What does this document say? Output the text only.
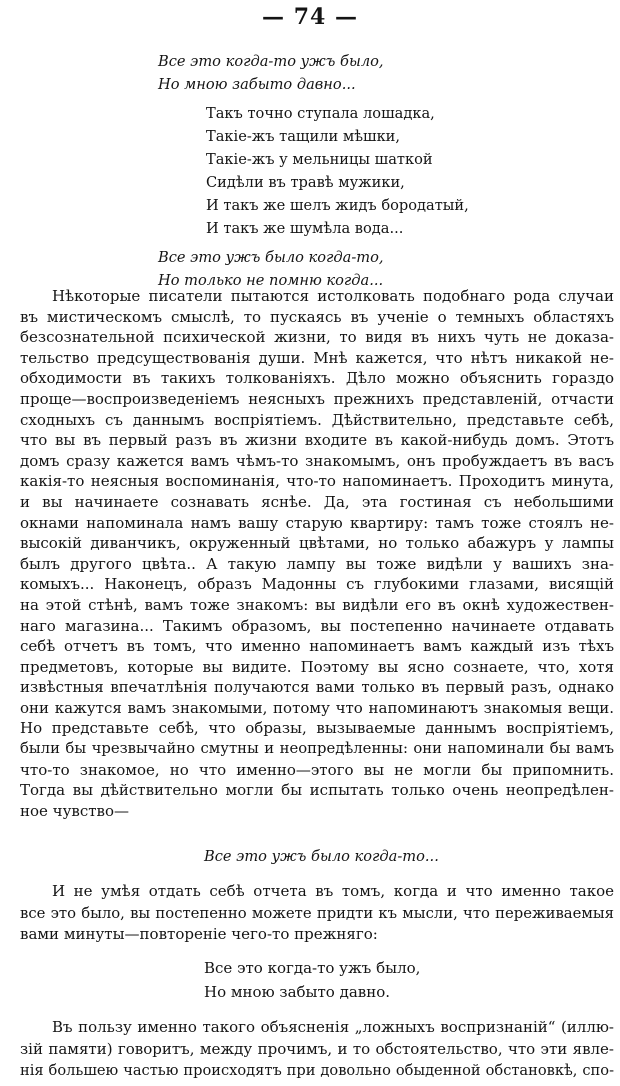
— 74 —
Все это когда-то ужъ было,
Но мною забыто давно...
Такъ точно ступала лошадка,
Такіе-жъ тащили мѣшки,
Такіе-жъ у мельницы шаткой
Сидѣли въ травѣ мужики,
И такъ же шелъ жидъ бородатый,
И такъ же шумѣла вода...
Все это ужъ было когда-то,
Но только не помню когда...
Нѣкоторые писатели пытаются истолковать подобнаго рода случаи
въ мистическомъ смыслѣ, то пускаясь въ ученіе о темныхъ областяхъ
безсознательной психической жизни, то видя въ нихъ чуть не доказа-
тельство предсуществованія души. Мнѣ кажется, что нѣтъ никакой не-
обходимости въ такихъ толкованіяхъ. Дѣло можно объяснить гораздо
проще—воспроизведеніемъ неясныхъ прежнихъ представленій, отчасти
сходныхъ съ даннымъ воспріятіемъ. Дѣйствительно, представьте себѣ,
что вы въ первый разъ въ жизни входите въ какой-нибудь домъ. Этотъ
домъ сразу кажется вамъ чѣмъ-то знакомымъ, онъ пробуждаетъ въ васъ
какія-то неясныя воспоминанія, что-то напоминаетъ. Проходитъ минута,
и вы начинаете сознавать яснѣе. Да, эта гостиная съ небольшими
окнами напоминала намъ вашу старую квартиру: тамъ тоже стоялъ не-
высокій диванчикъ, окруженный цвѣтами, но только абажуръ у лампы
былъ другого цвѣта.. А такую лампу вы тоже видѣли у вашихъ зна-
комыхъ... Наконецъ, образъ Мадонны съ глубокими глазами, висящій
на этой стѣнѣ, вамъ тоже знакомъ: вы видѣли его въ окнѣ художествен-
наго магазина... Такимъ образомъ, вы постепенно начинаете отдавать
себѣ отчетъ въ томъ, что именно напоминаетъ вамъ каждый изъ тѣхъ
предметовъ, которые вы видите. Поэтому вы ясно сознаете, что, хотя
извѣстныя впечатлѣнія получаются вами только въ первый разъ, однако
они кажутся вамъ знакомыми, потому что напоминаютъ знакомыя вещи.
Но представьте себѣ, что образы, вызываемые даннымъ воспріятіемъ,
были бы чрезвычайно смутны и неопредѣленны: они напоминали бы вамъ
что-то знакомое, но что именно—этого вы не могли бы припомнить.
Тогда вы дѣйствительно могли бы испытать только очень неопредѣлен-
ное чувство—
Все это ужъ было когда-то...
И не умѣя отдать себѣ отчета въ томъ, когда и что именно такое
все это было, вы постепенно можете придти къ мысли, что переживаемыя
вами минуты—повтореніе чего-то прежняго:
Все это когда-то ужъ было,
Но мною забыто давно.
Въ пользу именно такого объясненія „ложныхъ воспризнаній“ (иллю-
зій памяти) говоритъ, между прочимъ, и то обстоятельство, что эти явле-
нія большею частью происходятъ при довольно обыденной обстановкѣ, спо-
